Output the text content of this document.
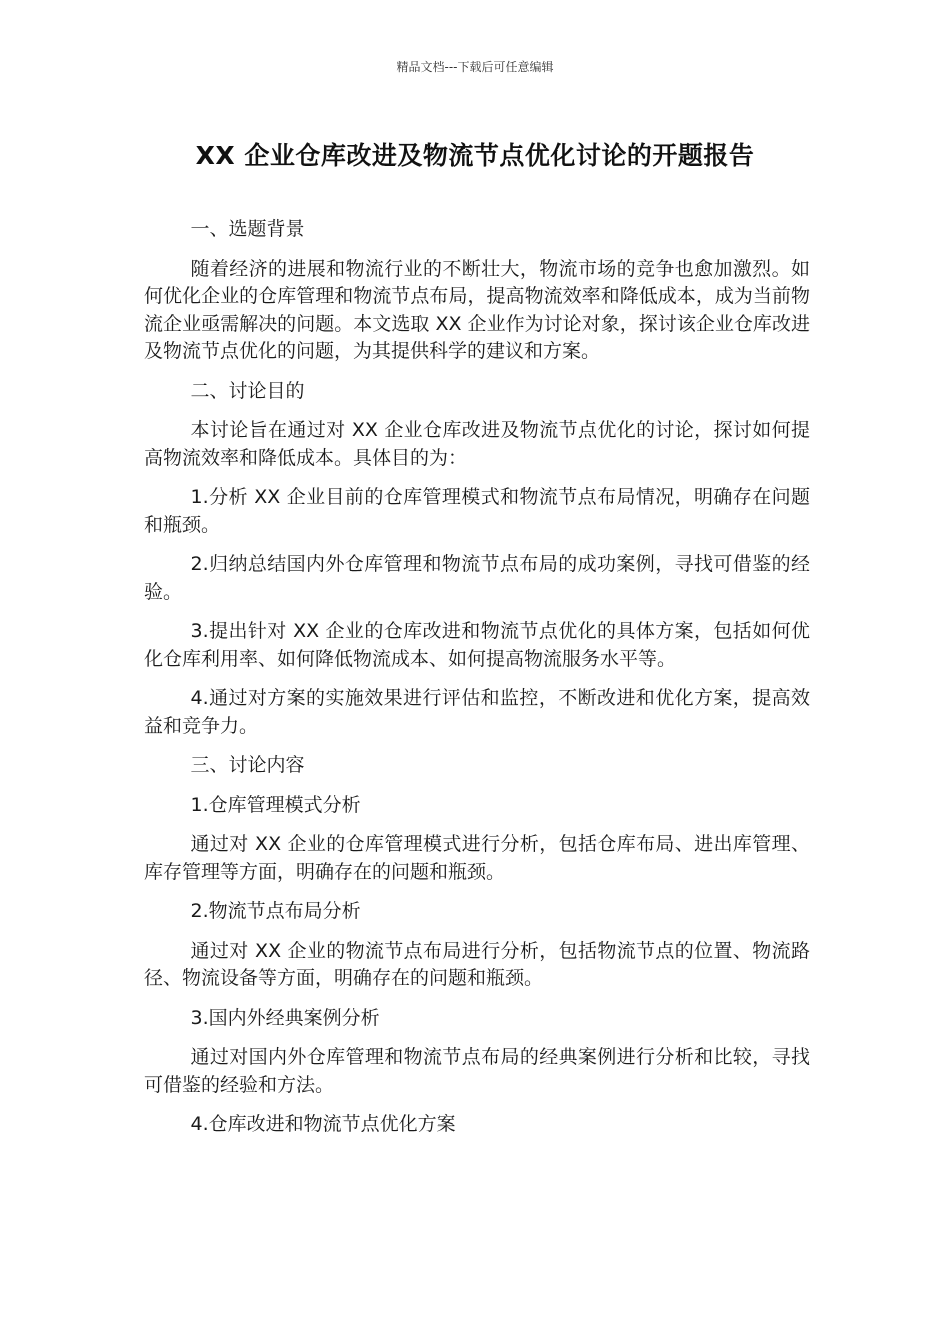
精品文档---下载后可任意编辑
XX 企业仓库改进及物流节点优化讨论的开题报告

一、选题背景

随着经济的进展和物流行业的不断壮大，物流市场的竞争也愈加激烈。如何优化企业的仓库管理和物流节点布局，提高物流效率和降低成本，成为当前物流企业亟需解决的问题。本文选取 XX 企业作为讨论对象，探讨该企业仓库改进及物流节点优化的问题，为其提供科学的建议和方案。

二、讨论目的

本讨论旨在通过对 XX 企业仓库改进及物流节点优化的讨论，探讨如何提高物流效率和降低成本。具体目的为：

1.分析 XX 企业目前的仓库管理模式和物流节点布局情况，明确存在问题和瓶颈。

2.归纳总结国内外仓库管理和物流节点布局的成功案例，寻找可借鉴的经验。

3.提出针对 XX 企业的仓库改进和物流节点优化的具体方案，包括如何优化仓库利用率、如何降低物流成本、如何提高物流服务水平等。

4.通过对方案的实施效果进行评估和监控，不断改进和优化方案，提高效益和竞争力。

三、讨论内容

1.仓库管理模式分析

通过对 XX 企业的仓库管理模式进行分析，包括仓库布局、进出库管理、库存管理等方面，明确存在的问题和瓶颈。

2.物流节点布局分析

通过对 XX 企业的物流节点布局进行分析，包括物流节点的位置、物流路径、物流设备等方面，明确存在的问题和瓶颈。

3.国内外经典案例分析

通过对国内外仓库管理和物流节点布局的经典案例进行分析和比较，寻找可借鉴的经验和方法。

4.仓库改进和物流节点优化方案
